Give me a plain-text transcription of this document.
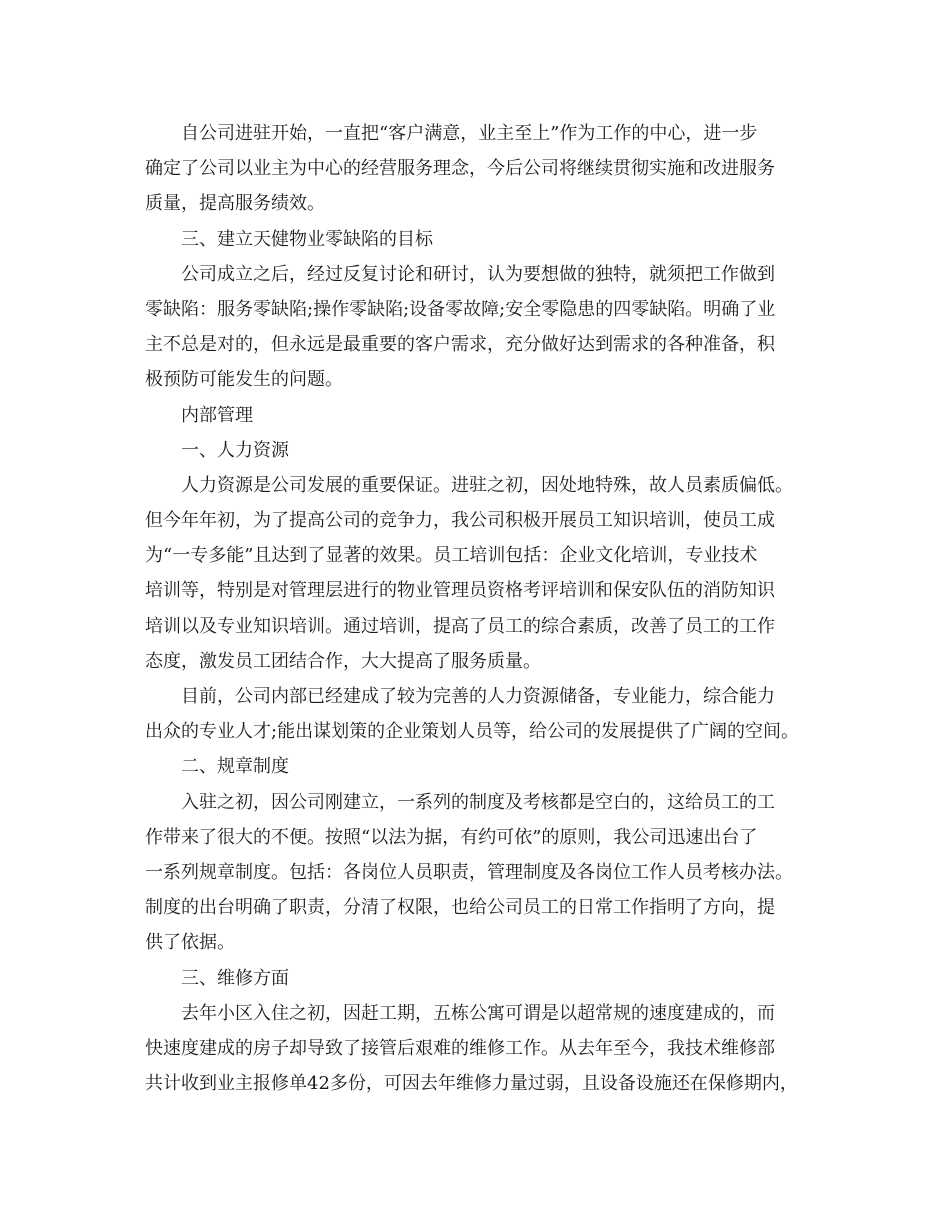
自公司进驻开始，一直把“客户满意，业主至上”作为工作的中心，进一步
确定了公司以业主为中心的经营服务理念，今后公司将继续贯彻实施和改进服务
质量，提高服务绩效。
三、建立天健物业零缺陷的目标
公司成立之后，经过反复讨论和研讨，认为要想做的独特，就须把工作做到
零缺陷：服务零缺陷;操作零缺陷;设备零故障;安全零隐患的四零缺陷。明确了业
主不总是对的，但永远是最重要的客户需求，充分做好达到需求的各种准备，积
极预防可能发生的问题。
内部管理
一、人力资源
人力资源是公司发展的重要保证。进驻之初，因处地特殊，故人员素质偏低。
但今年年初，为了提高公司的竞争力，我公司积极开展员工知识培训，使员工成
为“一专多能”且达到了显著的效果。员工培训包括：企业文化培训，专业技术
培训等，特别是对管理层进行的物业管理员资格考评培训和保安队伍的消防知识
培训以及专业知识培训。通过培训，提高了员工的综合素质，改善了员工的工作
态度，激发员工团结合作，大大提高了服务质量。
目前，公司内部已经建成了较为完善的人力资源储备，专业能力，综合能力
出众的专业人才;能出谋划策的企业策划人员等，给公司的发展提供了广阔的空间。
二、规章制度
入驻之初，因公司刚建立，一系列的制度及考核都是空白的，这给员工的工
作带来了很大的不便。按照“以法为据，有约可依”的原则，我公司迅速出台了
一系列规章制度。包括：各岗位人员职责，管理制度及各岗位工作人员考核办法。
制度的出台明确了职责，分清了权限，也给公司员工的日常工作指明了方向，提
供了依据。
三、维修方面
去年小区入住之初，因赶工期，五栋公寓可谓是以超常规的速度建成的，而
快速度建成的房子却导致了接管后艰难的维修工作。从去年至今，我技术维修部
共计收到业主报修单42多份，可因去年维修力量过弱，且设备设施还在保修期内，
